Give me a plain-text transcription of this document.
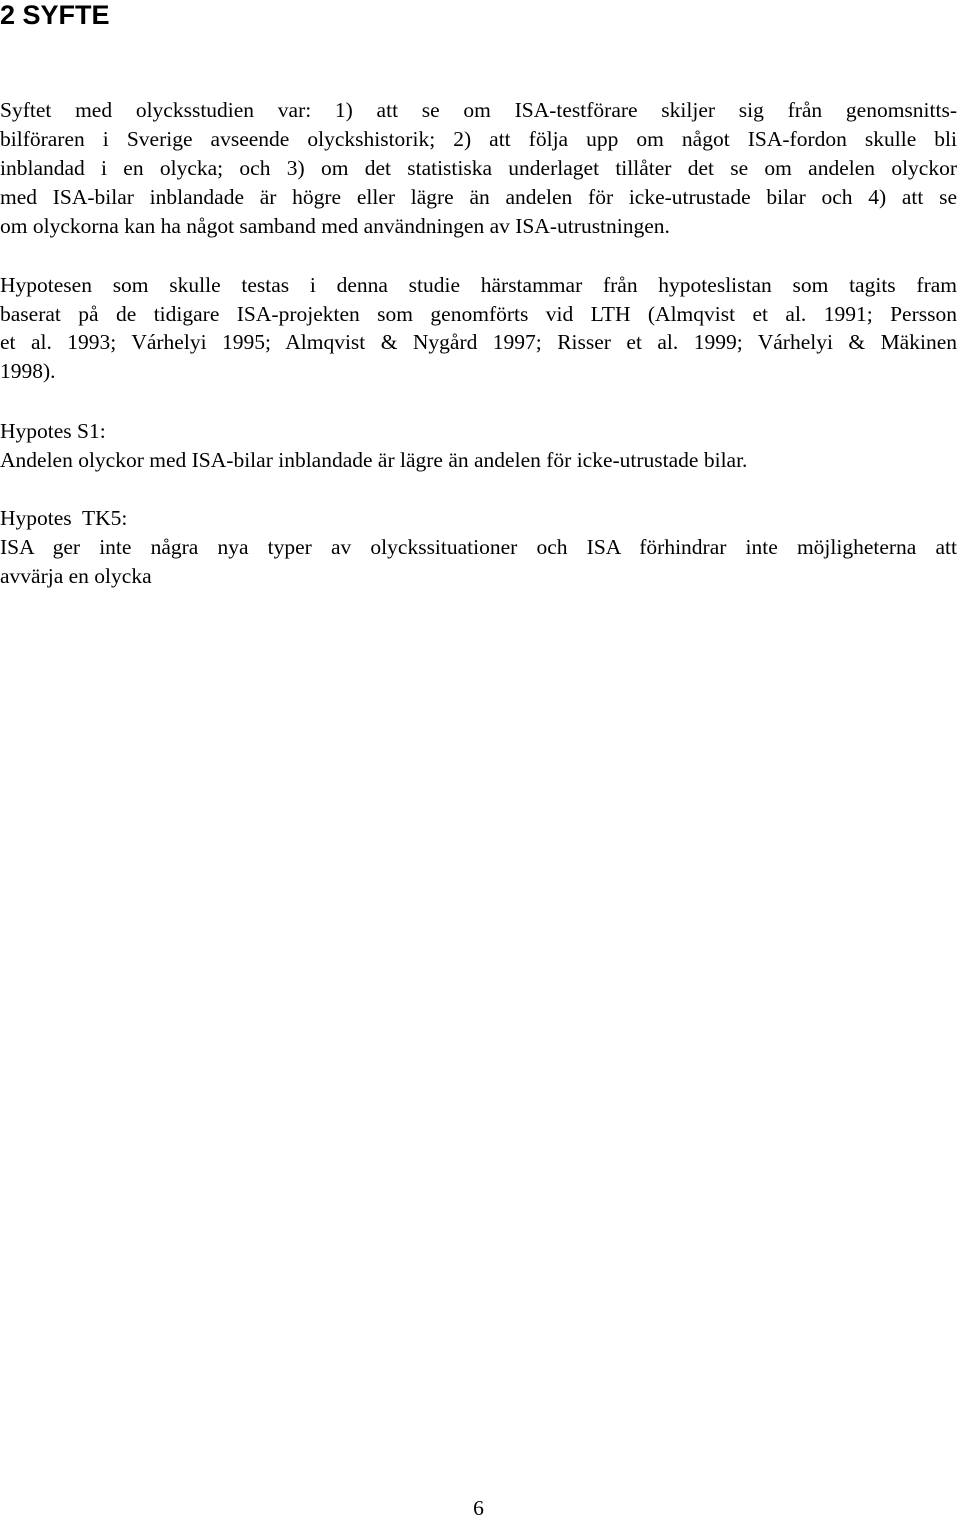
2 SYFTE
Syftet med olycksstudien var: 1) att se om ISA-testförare skiljer sig från genomsnitts-
bilföraren i Sverige avseende olyckshistorik; 2) att följa upp om något ISA-fordon skulle bli
inblandad i en olycka; och 3) om det statistiska underlaget tillåter det se om andelen olyckor
med ISA-bilar inblandade är högre eller lägre än andelen för icke-utrustade bilar och 4) att se
om olyckorna kan ha något samband med användningen av ISA-utrustningen.
Hypotesen som skulle testas i denna studie härstammar från hypoteslistan som tagits fram
baserat på de tidigare ISA-projekten som genomförts vid LTH (Almqvist et al. 1991; Persson
et al. 1993; Várhelyi 1995; Almqvist & Nygård 1997; Risser et al. 1999; Várhelyi & Mäkinen
1998).
Hypotes S1:
Andelen olyckor med ISA-bilar inblandade är lägre än andelen för icke-utrustade bilar.
Hypotes  TK5:
ISA ger inte några nya typer av olyckssituationer och ISA förhindrar inte möjligheterna att
avvärja en olycka
6
